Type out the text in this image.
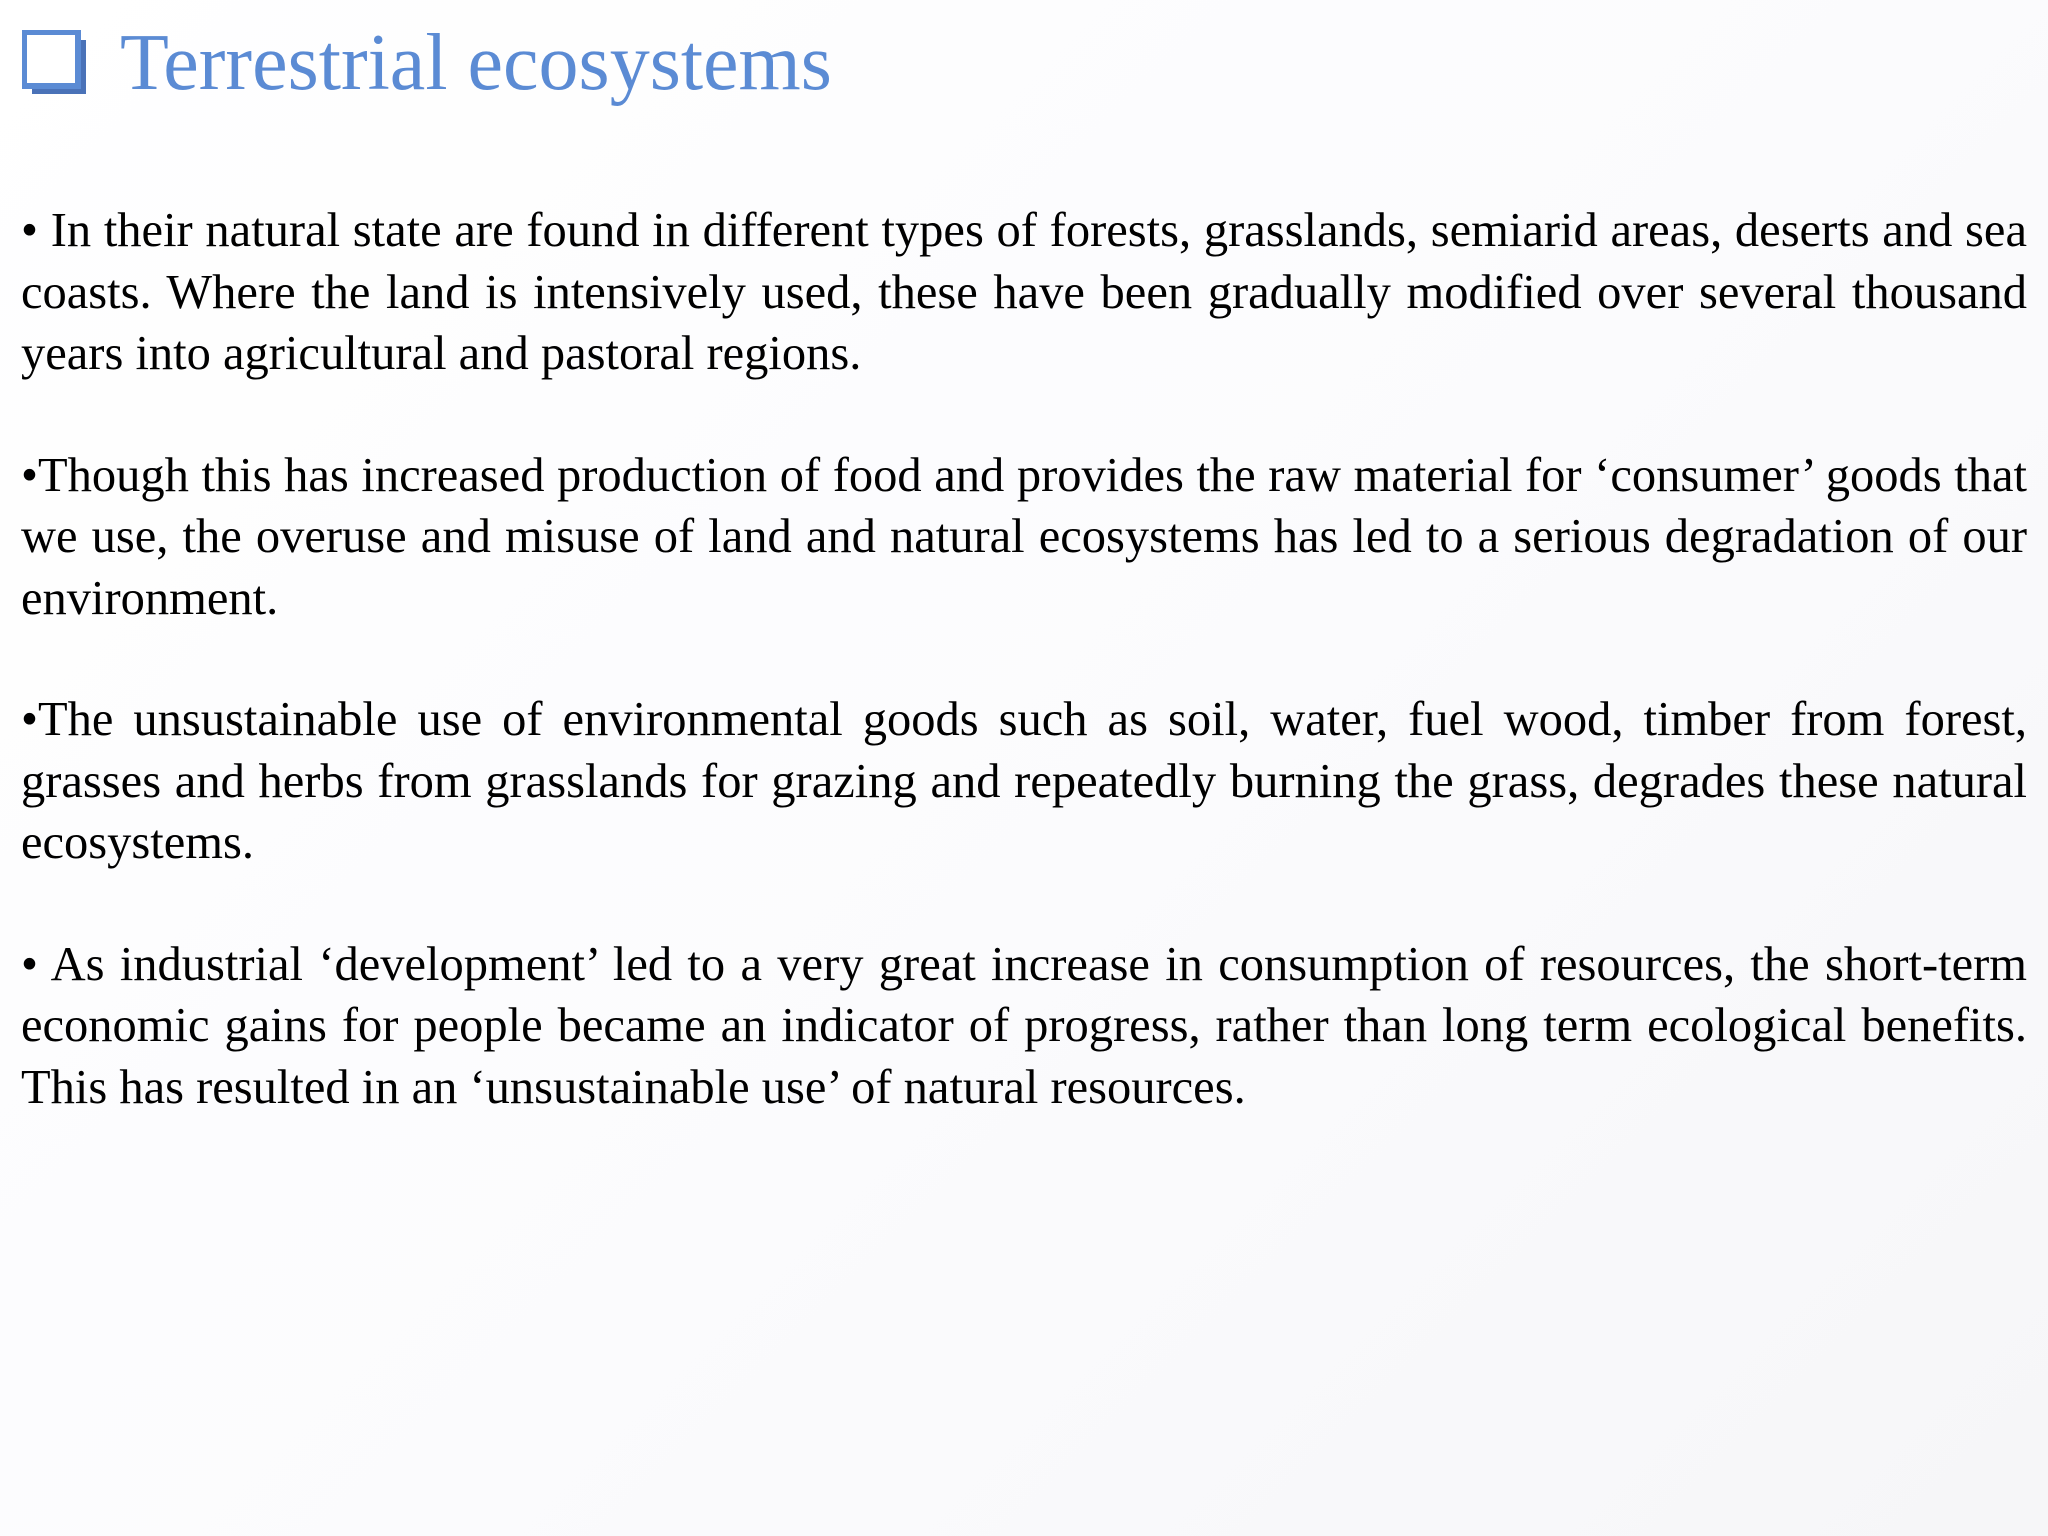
Terrestrial ecosystems

• In their natural state are found in different types of forests, grasslands, semiarid areas, deserts and sea coasts. Where the land is intensively used, these have been gradually modified over several thousand years into agricultural and pastoral regions.

•Though this has increased production of food and provides the raw material for ‘consumer’ goods that we use, the overuse and misuse of land and natural ecosystems has led to a serious degradation of our environment.

•The unsustainable use of environmental goods such as soil, water, fuel wood, timber from forest, grasses and herbs from grasslands for grazing and repeatedly burning the grass, degrades these natural ecosystems.

• As industrial ‘development’ led to a very great increase in consumption of resources, the short-term economic gains for people became an indicator of progress, rather than long term ecological benefits. This has resulted in an ‘unsustainable use’ of natural resources.
